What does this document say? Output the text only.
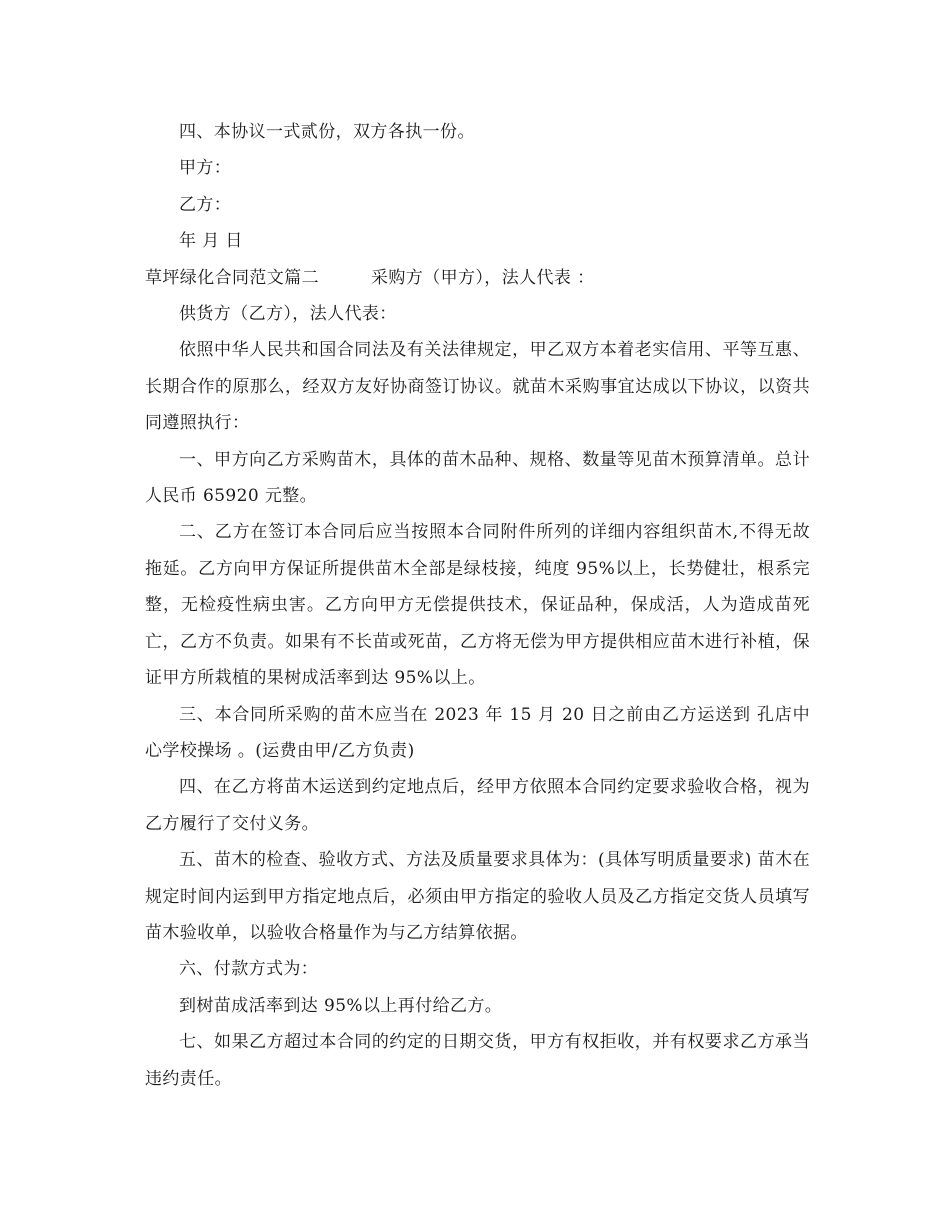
四、本协议一式贰份，双方各执一份。

甲方：

乙方：

年 月 日

草坪绿化合同范文篇二	采购方（甲方），法人代表 ：

供货方（乙方），法人代表：

依照中华人民共和国合同法及有关法律规定，甲乙双方本着老实信用、平等互惠、长期合作的原那么，经双方友好协商签订协议。就苗木采购事宜达成以下协议，以资共同遵照执行：

一、甲方向乙方采购苗木，具体的苗木品种、规格、数量等见苗木预算清单。总计人民币 65920 元整。

二、乙方在签订本合同后应当按照本合同附件所列的详细内容组织苗木,不得无故拖延。乙方向甲方保证所提供苗木全部是绿枝接，纯度 95%以上，长势健壮，根系完整，无检疫性病虫害。乙方向甲方无偿提供技术，保证品种，保成活，人为造成苗死亡，乙方不负责。如果有不长苗或死苗，乙方将无偿为甲方提供相应苗木进行补植，保证甲方所栽植的果树成活率到达 95%以上。

三、本合同所采购的苗木应当在 2023 年 15 月 20 日之前由乙方运送到 孔店中心学校操场 。(运费由甲/乙方负责)

四、在乙方将苗木运送到约定地点后，经甲方依照本合同约定要求验收合格，视为乙方履行了交付义务。

五、苗木的检查、验收方式、方法及质量要求具体为：(具体写明质量要求) 苗木在规定时间内运到甲方指定地点后，必须由甲方指定的验收人员及乙方指定交货人员填写苗木验收单，以验收合格量作为与乙方结算依据。

六、付款方式为：

到树苗成活率到达 95%以上再付给乙方。

七、如果乙方超过本合同的约定的日期交货，甲方有权拒收，并有权要求乙方承当违约责任。
